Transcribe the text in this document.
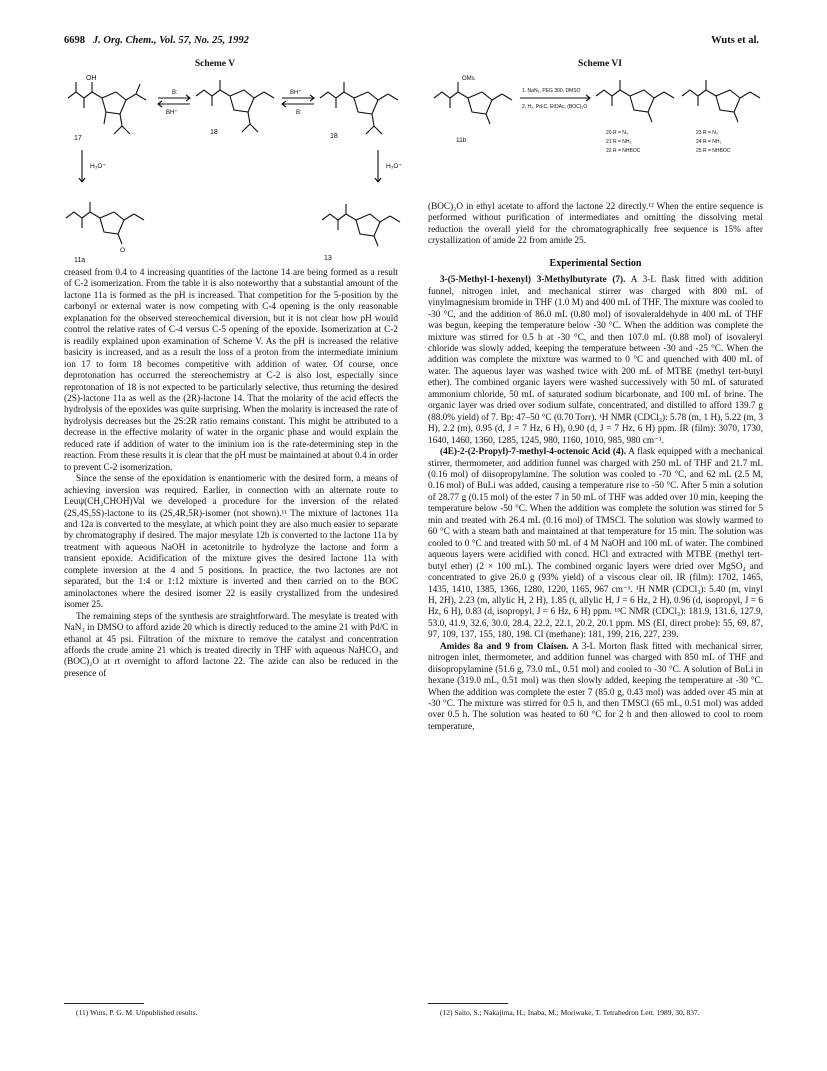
6698 J. Org. Chem., Vol. 57, No. 25, 1992	Wuts et al.
Scheme V
OH
17
B:
BH⁺
18
BH⁺
B:
18
H₃O⁺	H₃O⁺
O
11a	13
Scheme VI
OMs
11b
1. NaN₃, PEG 300, DMSO
2. H₂, Pd-C, EtOAc, (BOC)₂O
20 R = N₃
21 R = NH₂
22 R = NHBOC
23 R = N₃
24 R = NH₂
25 R = NHBOC

creased from 0.4 to 4 increasing quantities of the lactone 14 are being formed as a result of C-2 isomerization. From the table it is also noteworthy that a substantial amount of the lactone 11a is formed as the pH is increased. That competition for the 5-position by the carbonyl or external water is now competing with C-4 opening is the only reasonable explanation for the observed stereochemical diversion, but it is not clear how pH would control the relative rates of C-4 versus C-5 opening of the epoxide. Isomerization at C-2 is readily explained upon examination of Scheme V. As the pH is increased the relative basicity is increased, and as a result the loss of a proton from the intermediate iminium ion 17 to form 18 becomes competitive with addition of water. Of course, once deprotonation has occurred the stereochemistry at C-2 is also lost, especially since reprotonation of 18 is not expected to be particularly selective, thus returning the desired (2S)-lactone 11a as well as the (2R)-lactone 14. That the molarity of the acid effects the hydrolysis of the epoxides was quite surprising. When the molarity is increased the rate of hydrolysis decreases but the 2S:2R ratio remains constant. This might be attributed to a decrease in the effective molarity of water in the organic phase and would explain the reduced rate if addition of water to the iminium ion is the rate-determining step in the reaction. From these results it is clear that the pH must be maintained at about 0.4 in order to prevent C-2 isomerization.

Since the sense of the epoxidation is enantiomeric with the desired form, a means of achieving inversion was required. Earlier, in connection with an alternate route to Leuψ(CH₂CHOH)Val we developed a procedure for the inversion of the related (2S,4S,5S)-lactone to its (2S,4R,5R)-isomer (not shown).¹¹ The mixture of lactones 11a and 12a is converted to the mesylate, at which point they are also much easier to separate by chromatography if desired. The major mesylate 12b is converted to the lactone 11a by treatment with aqueous NaOH in acetonitrile to hydrolyze the lactone and form a transient epoxide. Acidification of the mixture gives the desired lactone 11a with complete inversion at the 4 and 5 positions. In practice, the two lactones are not separated, but the 1:4 or 1:12 mixture is inverted and then carried on to the BOC aminolactones where the desired isomer 22 is easily crystallized from the undesired isomer 25.

The remaining steps of the synthesis are straightforward. The mesylate is treated with NaN₃ in DMSO to afford azide 20 which is directly reduced to the amine 21 with Pd/C in ethanol at 45 psi. Filtration of the mixture to remove the catalyst and concentration affords the crude amine 21 which is treated directly in THF with aqueous NaHCO₃ and (BOC)₂O at rt overnight to afford lactone 22. The azide can also be reduced in the presence of

(BOC)₂O in ethyl acetate to afford the lactone 22 directly.¹² When the entire sequence is performed without purification of intermediates and omitting the dissolving metal reduction the overall yield for the chromatographically free sequence is 15% after crystallization of amide 22 from amide 25.

Experimental Section

3-(5-Methyl-1-hexenyl) 3-Methylbutyrate (7). A 3-L flask fitted with addition funnel, nitrogen inlet, and mechanical stirrer was charged with 800 mL of vinylmagnesium bromide in THF (1.0 M) and 400 mL of THF. The mixture was cooled to -30 °C, and the addition of 86.0 mL (0.80 mol) of isovaleraldehyde in 400 mL of THF was begun, keeping the temperature below -30 °C. When the addition was complete the mixture was stirred for 0.5 h at -30 °C, and then 107.0 mL (0.88 mol) of isovaleryl chloride was slowly added, keeping the temperature between -30 and -25 °C. When the addition was complete the mixture was warmed to 0 °C and quenched with 400 mL of water. The aqueous layer was washed twice with 200 mL of MTBE (methyl tert-butyl ether). The combined organic layers were washed successively with 50 mL of saturated ammonium chloride, 50 mL of saturated sodium bicarbonate, and 100 mL of brine. The organic layer was dried over sodium sulfate, concentrated, and distilled to afford 139.7 g (88.0% yield) of 7. Bp: 47–50 °C (0.70 Torr). ¹H NMR (CDCl₃): 5.78 (m, 1 H), 5.22 (m, 3 H), 2.2 (m), 0.95 (d, J = 7 Hz, 6 H), 0.90 (d, J = 7 Hz, 6 H) ppm. IR (film): 3070, 1730, 1640, 1460, 1360, 1285, 1245, 980, 1160, 1010, 985, 980 cm⁻¹.

(4E)-2-(2-Propyl)-7-methyl-4-octenoic Acid (4). A flask equipped with a mechanical stirrer, thermometer, and addition funnel was charged with 250 mL of THF and 21.7 mL (0.16 mol) of diisopropylamine. The solution was cooled to -70 °C, and 62 mL (2.5 M, 0.16 mol) of BuLi was added, causing a temperature rise to -50 °C. After 5 min a solution of 28.77 g (0.15 mol) of the ester 7 in 50 mL of THF was added over 10 min, keeping the temperature below -50 °C. When the addition was complete the solution was stirred for 5 min and treated with 26.4 mL (0.16 mol) of TMSCl. The solution was slowly warmed to 60 °C with a steam bath and maintained at that temperature for 15 min. The solution was cooled to 0 °C and treated with 50 mL of 4 M NaOH and 100 mL of water. The combined aqueous layers were acidified with concd. HCl and extracted with MTBE (methyl tert-butyl ether) (2 × 100 mL). The combined organic layers were dried over MgSO₄ and concentrated to give 26.0 g (93% yield) of a viscous clear oil. IR (film): 1702, 1465, 1435, 1410, 1385, 1366, 1280, 1220, 1165, 967 cm⁻¹. ¹H NMR (CDCl₃): 5.40 (m, vinyl H, 2H), 2.23 (m, allylic H, 2 H), 1.85 (t, allylic H, J = 6 Hz, 2 H), 0.96 (d, isopropyl, J = 6 Hz, 6 H), 0.83 (d, isopropyl, J = 6 Hz, 6 H) ppm. ¹³C NMR (CDCl₃): 181.9, 131.6, 127.9, 53.0, 41.9, 32.6, 30.0, 28.4, 22.2, 22.1, 20.2, 20.1 ppm. MS (EI, direct probe): 55, 69, 87, 97, 109, 137, 155, 180, 198. CI (methane): 181, 199, 216, 227, 239.

Amides 8a and 9 from Claisen. A 3-L Morton flask fitted with mechanical sirrer, nitrogen inlet, thermometer, and addition funnel was charged with 850 mL of THF and diisopropylamine (51.6 g, 73.0 mL, 0.51 mol) and cooled to -30 °C. A solution of BuLi in hexane (319.0 mL, 0.51 mol) was then slowly added, keeping the temperature at -30 °C. When the addition was complete the ester 7 (85.0 g, 0.43 mol) was added over 45 min at -30 °C. The mixture was stirred for 0.5 h, and then TMSCl (65 mL, 0.51 mol) was added over 0.5 h. The solution was heated to 60 °C for 2 h and then allowed to cool to room temperature,

(11) Wuts, P. G. M. Unpublished results.	(12) Saito, S.; Nakajima, H.; Inaba, M.; Moriwake, T. Tetrahedron Lett. 1989, 30, 837.
